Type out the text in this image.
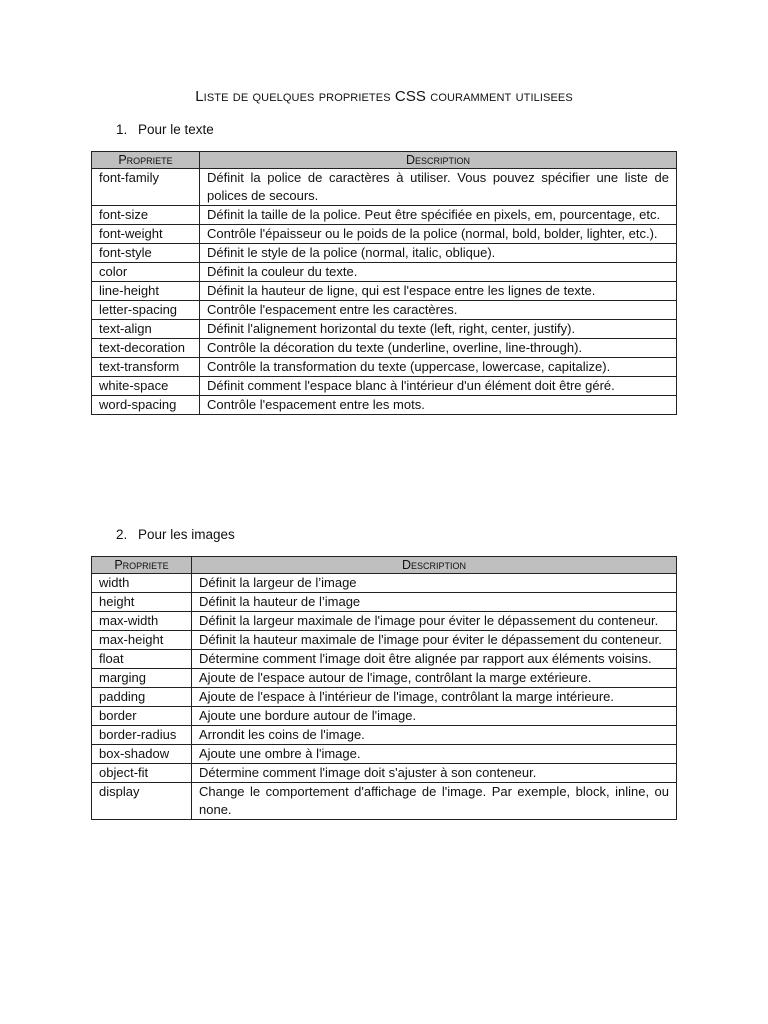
Liste de quelques proprietes CSS couramment utilisees
1. Pour le texte
Propriete	Description
font-family	Définit la police de caractères à utiliser. Vous pouvez spécifier une liste de polices de secours.
font-size	Définit la taille de la police. Peut être spécifiée en pixels, em, pourcentage, etc.
font-weight	Contrôle l'épaisseur ou le poids de la police (normal, bold, bolder, lighter, etc.).
font-style	Définit le style de la police (normal, italic, oblique).
color	Définit la couleur du texte.
line-height	Définit la hauteur de ligne, qui est l'espace entre les lignes de texte.
letter-spacing	Contrôle l'espacement entre les caractères.
text-align	Définit l'alignement horizontal du texte (left, right, center, justify).
text-decoration	Contrôle la décoration du texte (underline, overline, line-through).
text-transform	Contrôle la transformation du texte (uppercase, lowercase, capitalize).
white-space	Définit comment l'espace blanc à l'intérieur d'un élément doit être géré.
word-spacing	Contrôle l'espacement entre les mots.
2. Pour les images
Propriete	Description
width	Définit la largeur de l’image
height	Définit la hauteur de l’image
max-width	Définit la largeur maximale de l'image pour éviter le dépassement du conteneur.
max-height	Définit la hauteur maximale de l'image pour éviter le dépassement du conteneur.
float	Détermine comment l'image doit être alignée par rapport aux éléments voisins.
marging	Ajoute de l'espace autour de l'image, contrôlant la marge extérieure.
padding	Ajoute de l'espace à l'intérieur de l'image, contrôlant la marge intérieure.
border	Ajoute une bordure autour de l'image.
border-radius	Arrondit les coins de l'image.
box-shadow	Ajoute une ombre à l'image.
object-fit	Détermine comment l'image doit s'ajuster à son conteneur.
display	Change le comportement d'affichage de l'image. Par exemple, block, inline, ou none.
